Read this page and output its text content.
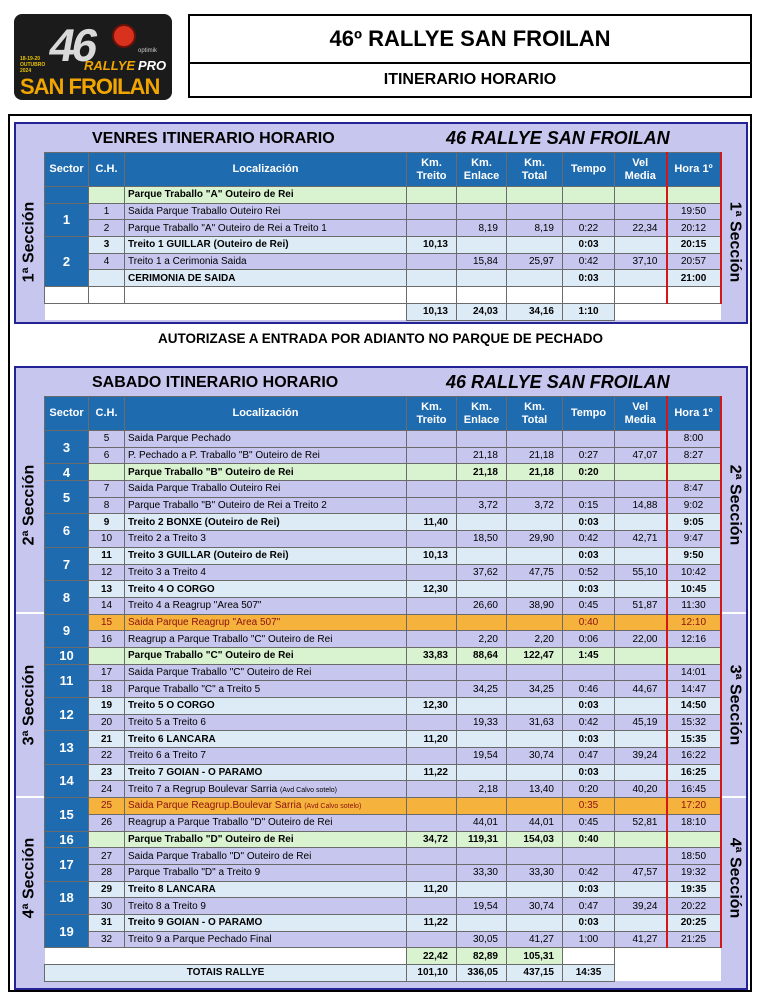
46
18-19-20 OUTUBRO 2024
optimik
RALLYE PRO
SAN FROILAN
46º RALLYE SAN FROILAN
ITINERARIO HORARIO
VENRES ITINERARIO HORARIO	46 RALLYE SAN FROILAN
1ª Sección	1ª Sección
Sector	C.H.	Localización	Km. Treito	Km. Enlace	Km. Total	Tempo	Vel Media	Hora 1º
		Parque Traballo "A" Outeiro de Rei						
1	1	Saida Parque Traballo Outeiro Rei						19:50
	2	Parque Traballo "A" Outeiro de Rei a Treito 1		8,19	8,19	0:22	22,34	20:12
2	3	Treito 1 GUILLAR (Outeiro de Rei)	10,13			0:03		20:15
	4	Treito 1 a Cerimonia Saida		15,84	25,97	0:42	37,10	20:57
		CERIMONIA DE SAIDA				0:03		21:00

			10,13	24,03	34,16	1:10		
AUTORIZASE A ENTRADA POR ADIANTO NO PARQUE DE PECHADO
SABADO ITINERARIO HORARIO	46 RALLYE SAN FROILAN
2ª Sección	2ª Sección
3ª Sección	3ª Sección
4ª Sección	4ª Sección
Sector	C.H.	Localización	Km. Treito	Km. Enlace	Km. Total	Tempo	Vel Media	Hora 1º
3	5	Saida Parque Pechado						8:00
	6	P. Pechado a P. Traballo "B" Outeiro de Rei		21,18	21,18	0:27	47,07	8:27
4		Parque Traballo "B" Outeiro de Rei		21,18	21,18	0:20		
5	7	Saida Parque Traballo Outeiro Rei						8:47
	8	Parque Traballo "B" Outeiro de Rei a Treito 2		3,72	3,72	0:15	14,88	9:02
6	9	Treito 2 BONXE (Outeiro de Rei)	11,40			0:03		9:05
	10	Treito 2 a Treito 3		18,50	29,90	0:42	42,71	9:47
7	11	Treito 3 GUILLAR (Outeiro de Rei)	10,13			0:03		9:50
	12	Treito 3 a Treito 4		37,62	47,75	0:52	55,10	10:42
8	13	Treito 4 O CORGO	12,30			0:03		10:45
	14	Treito 4 a Reagrup "Area 507"		26,60	38,90	0:45	51,87	11:30
9	15	Saida Parque Reagrup "Area 507"				0:40		12:10
	16	Reagrup a Parque Traballo "C" Outeiro de Rei		2,20	2,20	0:06	22,00	12:16
10		Parque Traballo "C" Outeiro de Rei	33,83	88,64	122,47	1:45		
11	17	Saida Parque Traballo "C" Outeiro de Rei						14:01
	18	Parque Traballo "C" a Treito 5		34,25	34,25	0:46	44,67	14:47
12	19	Treito 5 O CORGO	12,30			0:03		14:50
	20	Treito 5 a Treito 6		19,33	31,63	0:42	45,19	15:32
13	21	Treito 6 LANCARA	11,20			0:03		15:35
	22	Treito 6 a Treito 7		19,54	30,74	0:47	39,24	16:22
14	23	Treito 7 GOIAN - O PARAMO	11,22			0:03		16:25
	24	Treito 7 a Regrup Boulevar Sarria (Avd Calvo sotelo)		2,18	13,40	0:20	40,20	16:45
15	25	Saida Parque Reagrup.Boulevar Sarria (Avd Calvo sotelo)				0:35		17:20
	26	Reagrup a Parque Traballo "D" Outeiro de Rei		44,01	44,01	0:45	52,81	18:10
16		Parque Traballo "D" Outeiro de Rei	34,72	119,31	154,03	0:40		
17	27	Saida Parque Traballo "D" Outeiro de Rei						18:50
	28	Parque Traballo "D" a Treito 9		33,30	33,30	0:42	47,57	19:32
18	29	Treito 8 LANCARA	11,20			0:03		19:35
	30	Treito 8 a Treito 9		19,54	30,74	0:47	39,24	20:22
19	31	Treito 9 GOIAN - O PARAMO	11,22			0:03		20:25
	32	Treito 9 a Parque Pechado Final		30,05	41,27	1:00	41,27	21:25
			22,42	82,89	105,31			
TOTAIS RALLYE			101,10	336,05	437,15	14:35		
